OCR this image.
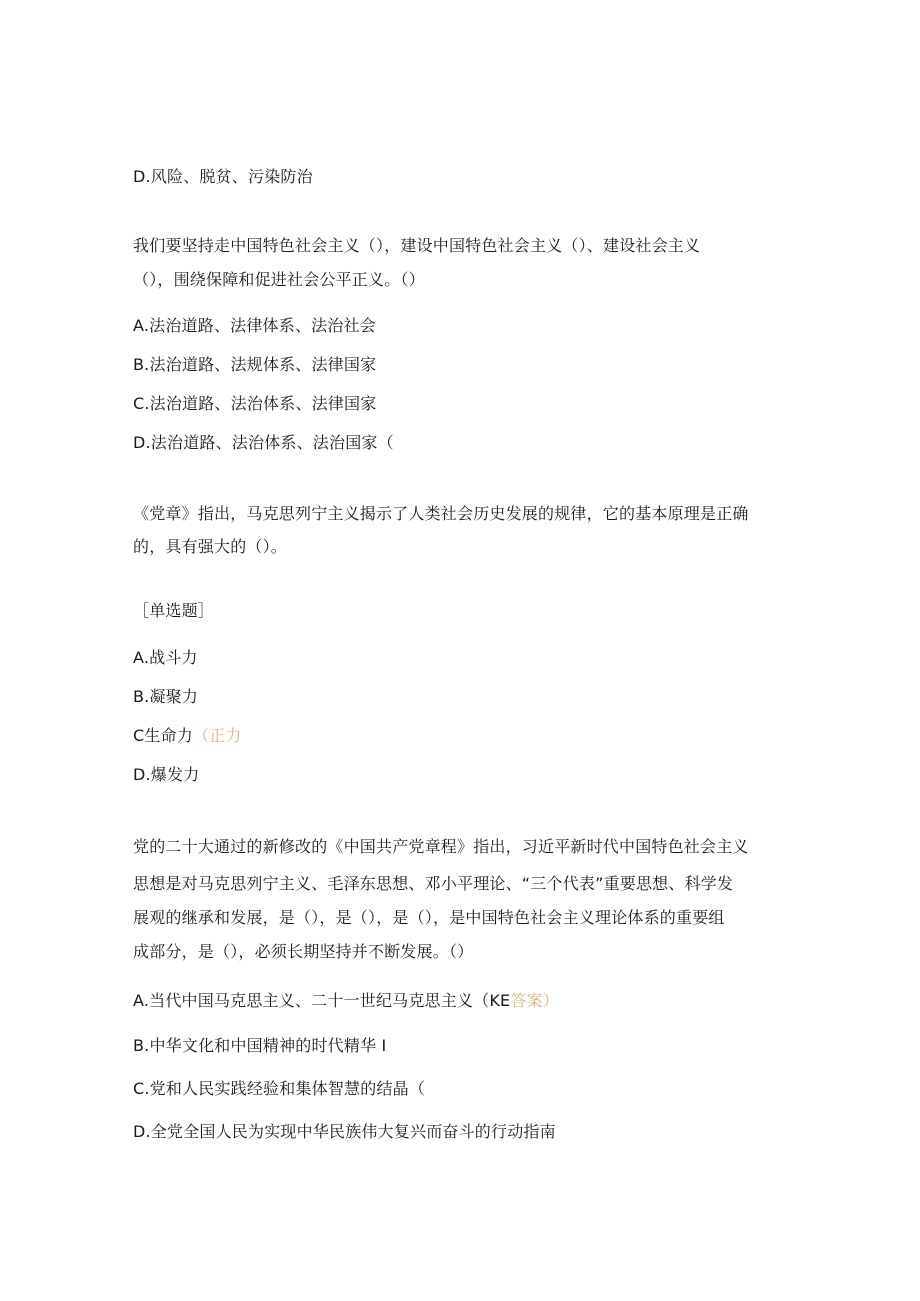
D.风险、脱贫、污染防治
我们要坚持走中国特色社会主义（），建设中国特色社会主义（）、建设社会主义
（），围绕保障和促进社会公平正义。（）
A.法治道路、法律体系、法治社会
B.法治道路、法规体系、法律国家
C.法治道路、法治体系、法律国家
D.法治道路、法治体系、法治国家（
《党章》指出，马克思列宁主义揭示了人类社会历史发展的规律，它的基本原理是正确
的，具有强大的（）。
［单选题］
A.战斗力
B.凝聚力
C生命力（正力
D.爆发力
党的二十大通过的新修改的《中国共产党章程》指出，习近平新时代中国特色社会主义
思想是对马克思列宁主义、毛泽东思想、邓小平理论、“三个代表”重要思想、科学发
展观的继承和发展，是（），是（），是（），是中国特色社会主义理论体系的重要组
成部分，是（），必须长期坚持并不断发展。（）
A.当代中国马克思主义、二十一世纪马克思主义（KE答案）
B.中华文化和中国精神的时代精华 I
C.党和人民实践经验和集体智慧的结晶（
D.全党全国人民为实现中华民族伟大复兴而奋斗的行动指南
